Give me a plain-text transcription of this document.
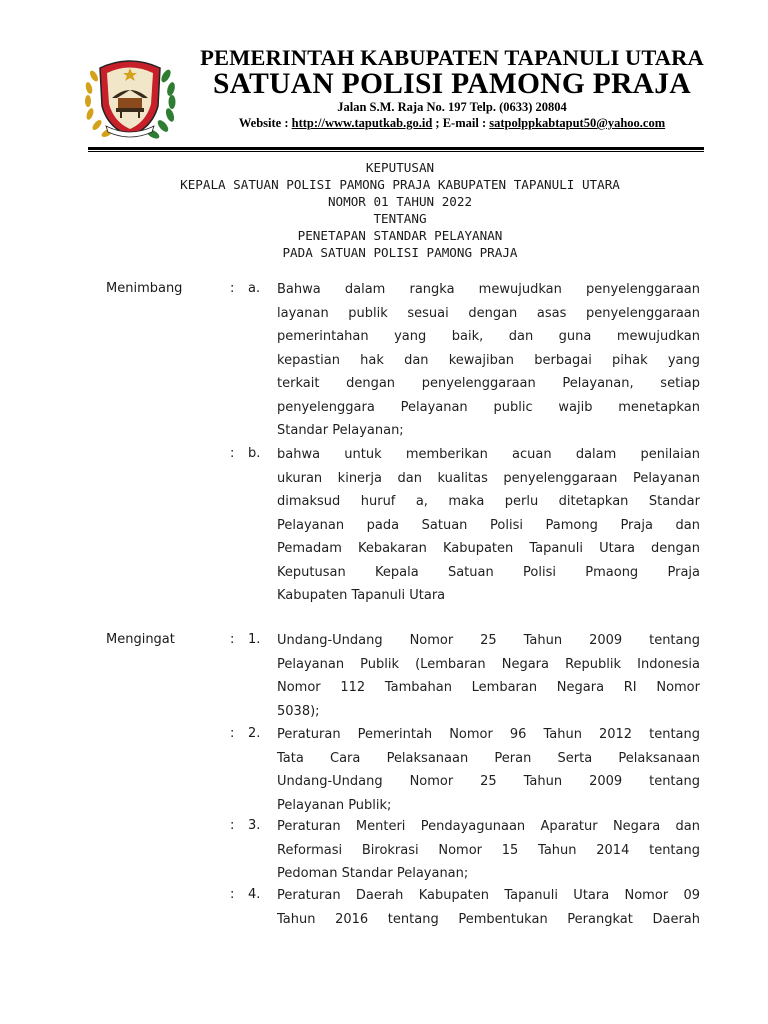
PEMERINTAH KABUPATEN TAPANULI UTARA
SATUAN POLISI PAMONG PRAJA
Jalan S.M. Raja No. 197 Telp. (0633) 20804
Website : http://www.taputkab.go.id ; E-mail : satpolppkabtaput50@yahoo.com
KEPUTUSAN
KEPALA SATUAN POLISI PAMONG PRAJA KABUPATEN TAPANULI UTARA
NOMOR 01 TAHUN 2022
TENTANG
PENETAPAN STANDAR PELAYANAN
PADA SATUAN POLISI PAMONG PRAJA
Menimbang	: a. Bahwa dalam rangka mewujudkan penyelenggaraan
layanan publik sesuai dengan asas penyelenggaraan
pemerintahan yang baik, dan guna mewujudkan
kepastian hak dan kewajiban berbagai pihak yang
terkait dengan penyelenggaraan Pelayanan, setiap
penyelenggara Pelayanan public wajib menetapkan
Standar Pelayanan;
: b. bahwa untuk memberikan acuan dalam penilaian
ukuran kinerja dan kualitas penyelenggaraan Pelayanan
dimaksud huruf a, maka perlu ditetapkan Standar
Pelayanan pada Satuan Polisi Pamong Praja dan
Pemadam Kebakaran Kabupaten Tapanuli Utara dengan
Keputusan Kepala Satuan Polisi Pmaong Praja
Kabupaten Tapanuli Utara
Mengingat	: 1. Undang-Undang Nomor 25 Tahun 2009 tentang
Pelayanan Publik (Lembaran Negara Republik Indonesia
Nomor 112 Tambahan Lembaran Negara RI Nomor
5038);
: 2. Peraturan Pemerintah Nomor 96 Tahun 2012 tentang
Tata Cara Pelaksanaan Peran Serta Pelaksanaan
Undang-Undang Nomor 25 Tahun 2009 tentang
Pelayanan Publik;
: 3. Peraturan Menteri Pendayagunaan Aparatur Negara dan
Reformasi Birokrasi Nomor 15 Tahun 2014 tentang
Pedoman Standar Pelayanan;
: 4. Peraturan Daerah Kabupaten Tapanuli Utara Nomor 09
Tahun 2016 tentang Pembentukan Perangkat Daerah
